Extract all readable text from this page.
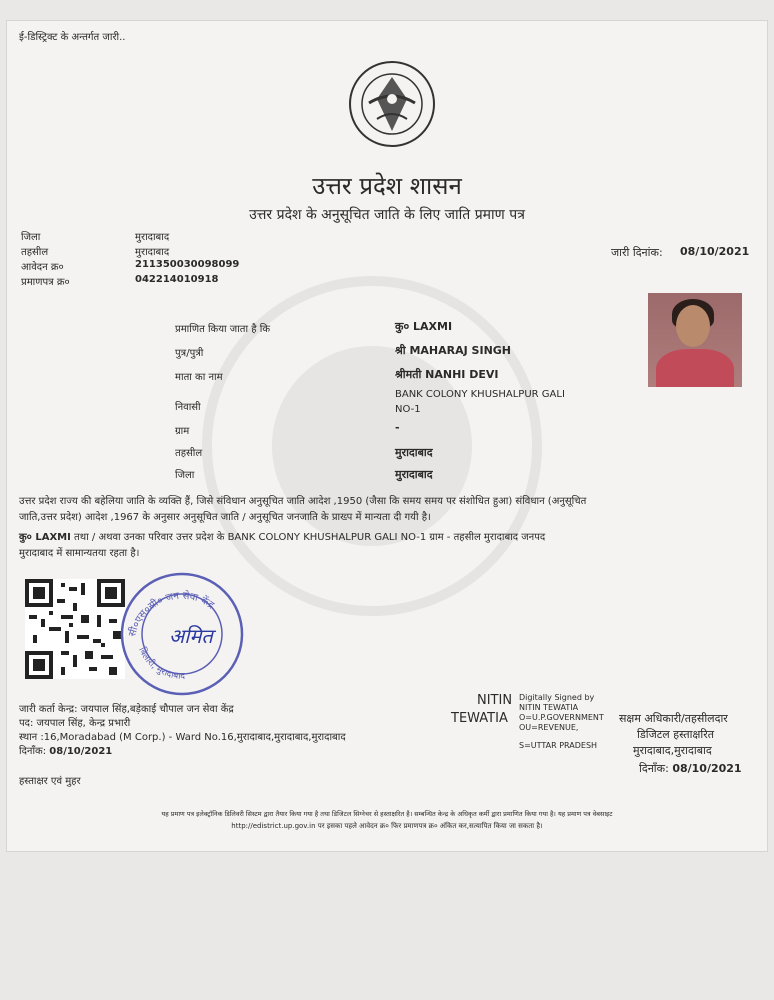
ई-डिस्ट्रिक्ट के अन्तर्गत जारी..
उत्तर प्रदेश शासन
उत्तर प्रदेश के अनुसूचित जाति के लिए जाति प्रमाण पत्र
जिला	मुरादाबाद
तहसील	मुरादाबाद
आवेदन क्र०	211350030098099
प्रमाणपत्र क्र०	042214010918
जारी दिनांक: 08/10/2021
प्रमाणित किया जाता है कि	कु० LAXMI
पुत्र/पुत्री	श्री MAHARAJ SINGH
माता का नाम	श्रीमती NANHI DEVI
निवासी
BANK COLONY KHUSHALPUR GALI
NO-1
ग्राम	-
तहसील	मुरादाबाद
जिला	मुरादाबाद
उत्तर प्रदेश राज्य की बहेलिया जाति के व्यक्ति हैं, जिसे संविधान अनुसूचित जाति आदेश ,1950 (जैसा कि समय समय पर संशोधित हुआ) संविधान (अनुसूचित
जाति,उत्तर प्रदेश) आदेश ,1967 के अनुसार अनुसूचित जाति / अनुसूचित जनजाति के प्राख्प में मान्यता दी गयी है।
कु० LAXMI तथा / अथवा उनका परिवार उत्तर प्रदेश के BANK COLONY KHUSHALPUR GALI NO-1 ग्राम - तहसील मुरादाबाद जनपद
मुरादाबाद में सामान्यतया रहता है।
सी०एस०सी० जन सेवा केंद्र
बिलारी, मुरादाबाद
अमित
जारी कर्ता केन्द्र: जयपाल सिंह,बड़ेकाई चौपाल जन सेवा केंद्र
पद: जयपाल सिंह, केन्द्र प्रभारी
स्थान :16,Moradabad (M Corp.) - Ward No.16,मुरादाबाद,मुरादाबाद,मुरादाबाद
दिनाँक: 08/10/2021
NITIN
TEWATIA
Digitally Signed by
NITIN TEWATIA
O=U.P.GOVERNMENT
OU=REVENUE,
S=UTTAR PRADESH
सक्षम अधिकारी/तहसीलदार
डिजिटल हस्ताक्षरित
मुरादाबाद,मुरादाबाद
दिनाँक: 08/10/2021
हस्ताक्षर एवं मुहर
यह प्रमाण पत्र इलेक्ट्रॉनिक डिलिवरी सिस्टम द्वारा तैयार किया गया है तथा डिजिटल सिग्नेचर से हस्ताक्षरित है। सम्बन्धित केन्द्र के अधिकृत कर्मी द्वारा प्रमाणित किया गया है। यह प्रमाण पत्र वेबसाइट
http://edistrict.up.gov.in पर इसका पहले आवेदन क्र० फिर प्रमाणपत्र क्र० अंकित कर,सत्यापित किया जा सकता है।
